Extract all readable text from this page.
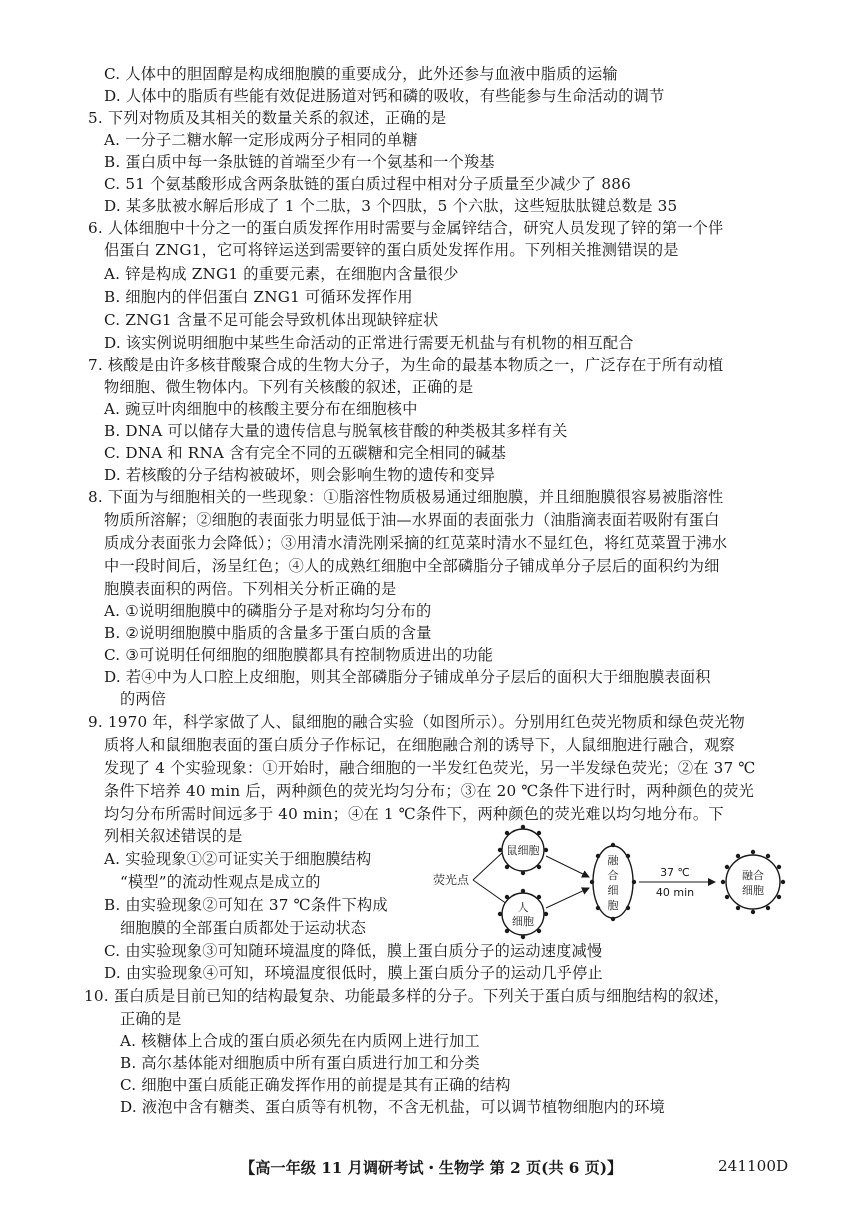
C. 人体中的胆固醇是构成细胞膜的重要成分，此外还参与血液中脂质的运输
D. 人体中的脂质有些能有效促进肠道对钙和磷的吸收，有些能参与生命活动的调节
5. 下列对物质及其相关的数量关系的叙述，正确的是
A. 一分子二糖水解一定形成两分子相同的单糖
B. 蛋白质中每一条肽链的首端至少有一个氨基和一个羧基
C. 51 个氨基酸形成含两条肽链的蛋白质过程中相对分子质量至少减少了 886
D. 某多肽被水解后形成了 1 个二肽，3 个四肽，5 个六肽，这些短肽肽键总数是 35
6. 人体细胞中十分之一的蛋白质发挥作用时需要与金属锌结合，研究人员发现了锌的第一个伴
侣蛋白 ZNG1，它可将锌运送到需要锌的蛋白质处发挥作用。下列相关推测错误的是
A. 锌是构成 ZNG1 的重要元素，在细胞内含量很少
B. 细胞内的伴侣蛋白 ZNG1 可循环发挥作用
C. ZNG1 含量不足可能会导致机体出现缺锌症状
D. 该实例说明细胞中某些生命活动的正常进行需要无机盐与有机物的相互配合
7. 核酸是由许多核苷酸聚合成的生物大分子，为生命的最基本物质之一，广泛存在于所有动植
物细胞、微生物体内。下列有关核酸的叙述，正确的是
A. 豌豆叶肉细胞中的核酸主要分布在细胞核中
B. DNA 可以储存大量的遗传信息与脱氧核苷酸的种类极其多样有关
C. DNA 和 RNA 含有完全不同的五碳糖和完全相同的碱基
D. 若核酸的分子结构被破坏，则会影响生物的遗传和变异
8. 下面为与细胞相关的一些现象：①脂溶性物质极易通过细胞膜，并且细胞膜很容易被脂溶性
物质所溶解；②细胞的表面张力明显低于油—水界面的表面张力（油脂滴表面若吸附有蛋白
质成分表面张力会降低）；③用清水清洗刚采摘的红苋菜时清水不显红色，将红苋菜置于沸水
中一段时间后，汤呈红色；④人的成熟红细胞中全部磷脂分子铺成单分子层后的面积约为细
胞膜表面积的两倍。下列相关分析正确的是
A. ①说明细胞膜中的磷脂分子是对称均匀分布的
B. ②说明细胞膜中脂质的含量多于蛋白质的含量
C. ③可说明任何细胞的细胞膜都具有控制物质进出的功能
D. 若④中为人口腔上皮细胞，则其全部磷脂分子铺成单分子层后的面积大于细胞膜表面积
的两倍
9. 1970 年，科学家做了人、鼠细胞的融合实验（如图所示）。分别用红色荧光物质和绿色荧光物
质将人和鼠细胞表面的蛋白质分子作标记，在细胞融合剂的诱导下，人鼠细胞进行融合，观察
发现了 4 个实验现象：①开始时，融合细胞的一半发红色荧光，另一半发绿色荧光；②在 37 ℃
条件下培养 40 min 后，两种颜色的荧光均匀分布；③在 20 ℃条件下进行时，两种颜色的荧光
均匀分布所需时间远多于 40 min；④在 1 ℃条件下，两种颜色的荧光难以均匀地分布。下
列相关叙述错误的是
A. 实验现象①②可证实关于细胞膜结构
“模型”的流动性观点是成立的
B. 由实验现象②可知在 37 ℃条件下构成
细胞膜的全部蛋白质都处于运动状态
C. 由实验现象③可知随环境温度的降低，膜上蛋白质分子的运动速度减慢
D. 由实验现象④可知，环境温度很低时，膜上蛋白质分子的运动几乎停止
10. 蛋白质是目前已知的结构最复杂、功能最多样的分子。下列关于蛋白质与细胞结构的叙述，
正确的是
A. 核糖体上合成的蛋白质必须先在内质网上进行加工
B. 高尔基体能对细胞质中所有蛋白质进行加工和分类
C. 细胞中蛋白质能正确发挥作用的前提是其有正确的结构
D. 液泡中含有糖类、蛋白质等有机物，不含无机盐，可以调节植物细胞内的环境
荧光点
鼠细胞
人
细胞
融
合
细
胞
37 ℃
40 min
融合
细胞
【高一年级 11 月调研考试・生物学 第 2 页(共 6 页)】	241100D
